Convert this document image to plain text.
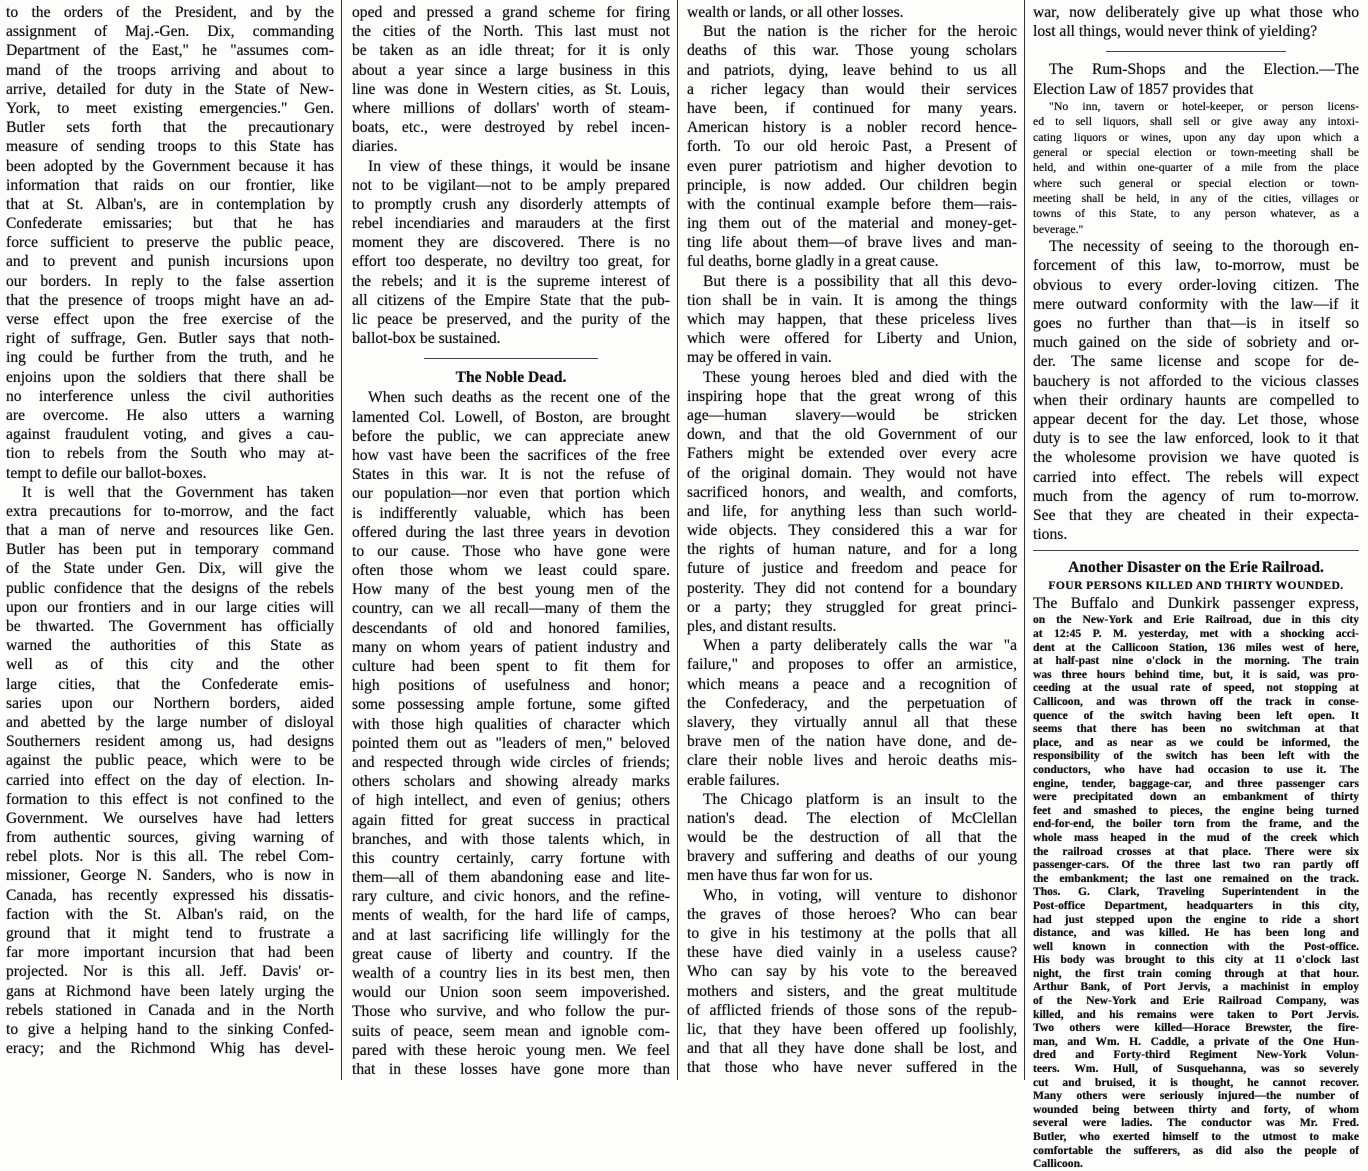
to the orders of the President, and by the
assignment of Maj.-Gen. Dix, commanding
Department of the East," he "assumes com-
mand of the troops arriving and about to
arrive, detailed for duty in the State of New-
York, to meet existing emergencies." Gen.
Butler sets forth that the precautionary
measure of sending troops to this State has
been adopted by the Government because it has
information that raids on our frontier, like
that at St. Alban's, are in contemplation by
Confederate emissaries; but that he has
force sufficient to preserve the public peace,
and to prevent and punish incursions upon
our borders. In reply to the false assertion
that the presence of troops might have an ad-
verse effect upon the free exercise of the
right of suffrage, Gen. Butler says that noth-
ing could be further from the truth, and he
enjoins upon the soldiers that there shall be
no interference unless the civil authorities
are overcome. He also utters a warning
against fraudulent voting, and gives a cau-
tion to rebels from the South who may at-
tempt to defile our ballot-boxes.
It is well that the Government has taken
extra precautions for to-morrow, and the fact
that a man of nerve and resources like Gen.
Butler has been put in temporary command
of the State under Gen. Dix, will give the
public confidence that the designs of the rebels
upon our frontiers and in our large cities will
be thwarted. The Government has officially
warned the authorities of this State as
well as of this city and the other
large cities, that the Confederate emis-
saries upon our Northern borders, aided
and abetted by the large number of disloyal
Southerners resident among us, had designs
against the public peace, which were to be
carried into effect on the day of election. In-
formation to this effect is not confined to the
Government. We ourselves have had letters
from authentic sources, giving warning of
rebel plots. Nor is this all. The rebel Com-
missioner, George N. Sanders, who is now in
Canada, has recently expressed his dissatis-
faction with the St. Alban's raid, on the
ground that it might tend to frustrate a
far more important incursion that had been
projected. Nor is this all. Jeff. Davis' or-
gans at Richmond have been lately urging the
rebels stationed in Canada and in the North
to give a helping hand to the sinking Confed-
eracy; and the Richmond Whig has devel-
oped and pressed a grand scheme for firing
the cities of the North. This last must not
be taken as an idle threat; for it is only
about a year since a large business in this
line was done in Western cities, as St. Louis,
where millions of dollars' worth of steam-
boats, etc., were destroyed by rebel incen-
diaries.
In view of these things, it would be insane
not to be vigilant—not to be amply prepared
to promptly crush any disorderly attempts of
rebel incendiaries and marauders at the first
moment they are discovered. There is no
effort too desperate, no deviltry too great, for
the rebels; and it is the supreme interest of
all citizens of the Empire State that the pub-
lic peace be preserved, and the purity of the
ballot-box be sustained.
The Noble Dead.
When such deaths as the recent one of the
lamented Col. Lowell, of Boston, are brought
before the public, we can appreciate anew
how vast have been the sacrifices of the free
States in this war. It is not the refuse of
our population—nor even that portion which
is indifferently valuable, which has been
offered during the last three years in devotion
to our cause. Those who have gone were
often those whom we least could spare.
How many of the best young men of the
country, can we all recall—many of them the
descendants of old and honored families,
many on whom years of patient industry and
culture had been spent to fit them for
high positions of usefulness and honor;
some possessing ample fortune, some gifted
with those high qualities of character which
pointed them out as "leaders of men," beloved
and respected through wide circles of friends;
others scholars and showing already marks
of high intellect, and even of genius; others
again fitted for great success in practical
branches, and with those talents which, in
this country certainly, carry fortune with
them—all of them abandoning ease and lite-
rary culture, and civic honors, and the refine-
ments of wealth, for the hard life of camps,
and at last sacrificing life willingly for the
great cause of liberty and country. If the
wealth of a country lies in its best men, then
would our Union soon seem impoverished.
Those who survive, and who follow the pur-
suits of peace, seem mean and ignoble com-
pared with these heroic young men. We feel
that in these losses have gone more than
wealth or lands, or all other losses.
But the nation is the richer for the heroic
deaths of this war. Those young scholars
and patriots, dying, leave behind to us all
a richer legacy than would their services
have been, if continued for many years.
American history is a nobler record hence-
forth. To our old heroic Past, a Present of
even purer patriotism and higher devotion to
principle, is now added. Our children begin
with the continual example before them—rais-
ing them out of the material and money-get-
ting life about them—of brave lives and man-
ful deaths, borne gladly in a great cause.
But there is a possibility that all this devo-
tion shall be in vain. It is among the things
which may happen, that these priceless lives
which were offered for Liberty and Union,
may be offered in vain.
These young heroes bled and died with the
inspiring hope that the great wrong of this
age—human slavery—would be stricken
down, and that the old Government of our
Fathers might be extended over every acre
of the original domain. They would not have
sacrificed honors, and wealth, and comforts,
and life, for anything less than such world-
wide objects. They considered this a war for
the rights of human nature, and for a long
future of justice and freedom and peace for
posterity. They did not contend for a boundary
or a party; they struggled for great princi-
ples, and distant results.
When a party deliberately calls the war "a
failure," and proposes to offer an armistice,
which means a peace and a recognition of
the Confederacy, and the perpetuation of
slavery, they virtually annul all that these
brave men of the nation have done, and de-
clare their noble lives and heroic deaths mis-
erable failures.
The Chicago platform is an insult to the
nation's dead. The election of McClellan
would be the destruction of all that the
bravery and suffering and deaths of our young
men have thus far won for us.
Who, in voting, will venture to dishonor
the graves of those heroes? Who can bear
to give in his testimony at the polls that all
these have died vainly in a useless cause?
Who can say by his vote to the bereaved
mothers and sisters, and the great multitude
of afflicted friends of those sons of the repub-
lic, that they have been offered up foolishly,
and that all they have done shall be lost, and
that those who have never suffered in the
war, now deliberately give up what those who
lost all things, would never think of yielding?
The Rum-Shops and the Election.—The
Election Law of 1857 provides that
"No inn, tavern or hotel-keeper, or person licens-
ed to sell liquors, shall sell or give away any intoxi-
cating liquors or wines, upon any day upon which a
general or special election or town-meeting shall be
held, and within one-quarter of a mile from the place
where such general or special election or town-
meeting shall be held, in any of the cities, villages or
towns of this State, to any person whatever, as a
beverage."
The necessity of seeing to the thorough en-
forcement of this law, to-morrow, must be
obvious to every order-loving citizen. The
mere outward conformity with the law—if it
goes no further than that—is in itself so
much gained on the side of sobriety and or-
der. The same license and scope for de-
bauchery is not afforded to the vicious classes
when their ordinary haunts are compelled to
appear decent for the day. Let those, whose
duty is to see the law enforced, look to it that
the wholesome provision we have quoted is
carried into effect. The rebels will expect
much from the agency of rum to-morrow.
See that they are cheated in their expecta-
tions.
Another Disaster on the Erie Railroad.
FOUR PERSONS KILLED AND THIRTY WOUNDED.
The Buffalo and Dunkirk passenger express,
on the New-York and Erie Railroad, due in this city
at 12:45 P. M. yesterday, met with a shocking acci-
dent at the Callicoon Station, 136 miles west of here,
at half-past nine o'clock in the morning. The train
was three hours behind time, but, it is said, was pro-
ceeding at the usual rate of speed, not stopping at
Callicoon, and was thrown off the track in conse-
quence of the switch having been left open. It
seems that there has been no switchman at that
place, and as near as we could be informed, the
responsibility of the switch has been left with the
conductors, who have had occasion to use it. The
engine, tender, baggage-car, and three passenger cars
were precipitated down an embankment of thirty
feet and smashed to pieces, the engine being turned
end-for-end, the boiler torn from the frame, and the
whole mass heaped in the mud of the creek which
the railroad crosses at that place. There were six
passenger-cars. Of the three last two ran partly off
the embankment; the last one remained on the track.
Thos. G. Clark, Traveling Superintendent in the
Post-office Department, headquarters in this city,
had just stepped upon the engine to ride a short
distance, and was killed. He has been long and
well known in connection with the Post-office.
His body was brought to this city at 11 o'clock last
night, the first train coming through at that hour.
Arthur Bank, of Port Jervis, a machinist in employ
of the New-York and Erie Railroad Company, was
killed, and his remains were taken to Port Jervis.
Two others were killed—Horace Brewster, the fire-
man, and Wm. H. Caddle, a private of the One Hun-
dred and Forty-third Regiment New-York Volun-
teers. Wm. Hull, of Susquehanna, was so severely
cut and bruised, it is thought, he cannot recover.
Many others were seriously injured—the number of
wounded being between thirty and forty, of whom
several were ladies. The conductor was Mr. Fred.
Butler, who exerted himself to the utmost to make
comfortable the sufferers, as did also the people of
Callicoon.
